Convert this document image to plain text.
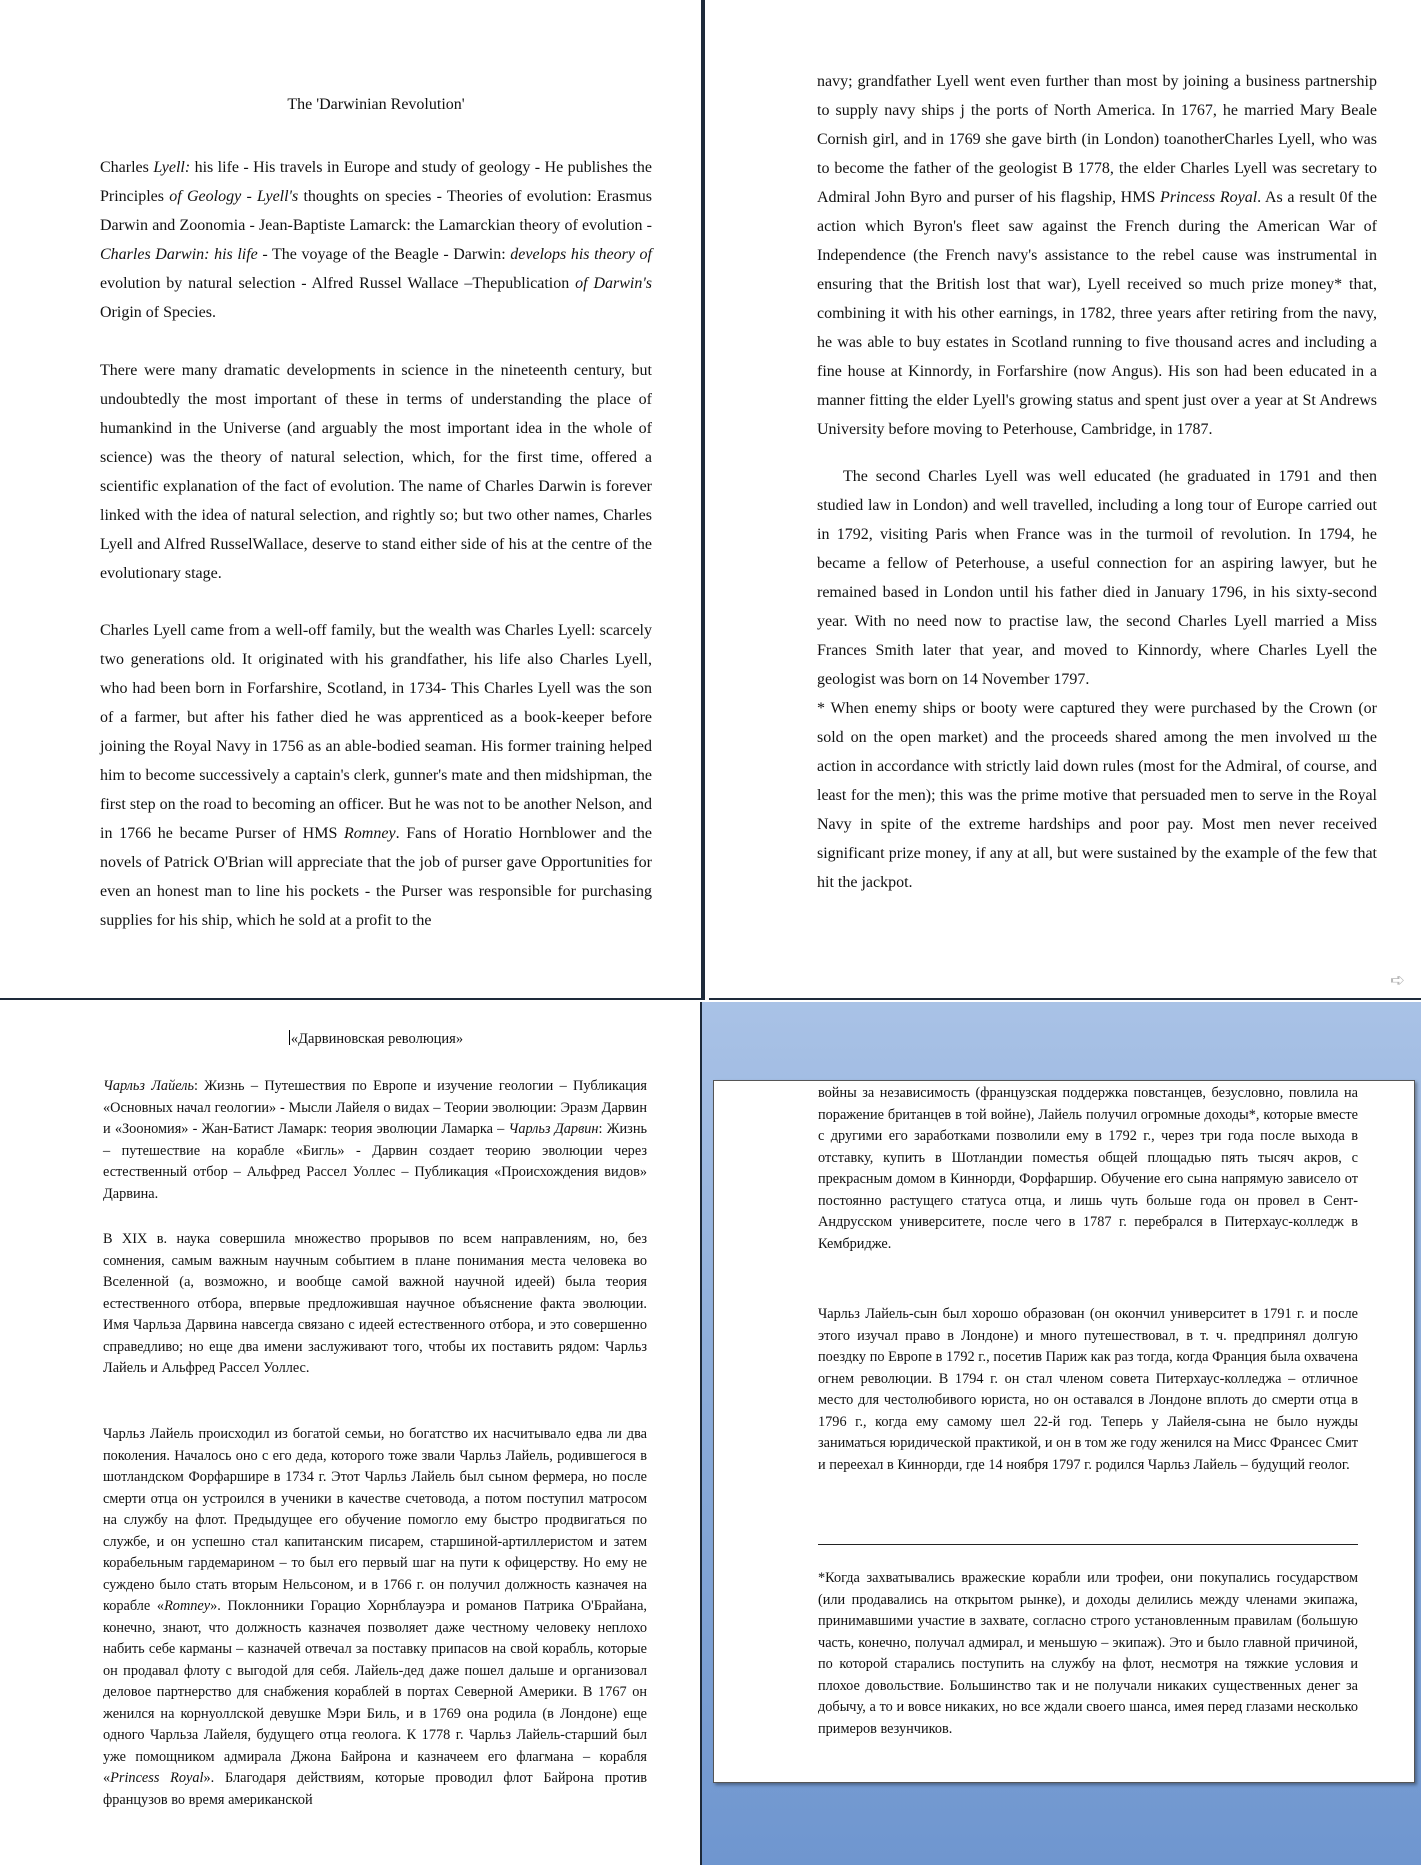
The 'Darwinian Revolution'
Charles Lyell: his life - His travels in Europe and study of geology - He publishes the Principles of Geology - Lyell's thoughts on species - Theories of evolution: Erasmus Darwin and Zoonomia - Jean-Baptiste Lamarck: the Lamarckian theory of evolution - Charles Darwin: his life - The voyage of the Beagle - Darwin: develops his theory of evolution by natural selection - Alfred Russel Wallace –Thepublication of Darwin's Origin of Species.
There were many dramatic developments in science in the nineteenth century, but undoubtedly the most important of these in terms of understanding the place of humankind in the Universe (and arguably the most important idea in the whole of science) was the theory of natural selection, which, for the first time, offered a scientific explanation of the fact of evolution. The name of Charles Darwin is forever linked with the idea of natural selection, and rightly so; but two other names, Charles Lyell and Alfred RusselWallace, deserve to stand either side of his at the centre of the evolutionary stage.
Charles Lyell came from a well-off family, but the wealth was Charles Lyell: scarcely two generations old. It originated with his grandfather, his life also Charles Lyell, who had been born in Forfarshire, Scotland, in 1734- This Charles Lyell was the son of a farmer, but after his father died he was apprenticed as a book-keeper before joining the Royal Navy in 1756 as an able-bodied seaman. His former training helped him to become successively a captain's clerk, gunner's mate and then midshipman, the first step on the road to becoming an officer. But he was not to be another Nelson, and in 1766 he became Purser of HMS Romney. Fans of Horatio Hornblower and the novels of Patrick O'Brian will appreciate that the job of purser gave Opportunities for even an honest man to line his pockets - the Purser was responsible for purchasing supplies for his ship, which he sold at a profit to the
navy; grandfather Lyell went even further than most by joining a business partnership to supply navy ships j the ports of North America. In 1767, he married Mary Beale Cornish girl, and in 1769 she gave birth (in London) toanotherCharles Lyell, who was to become the father of the geologist B 1778, the elder Charles Lyell was secretary to Admiral John Byro and purser of his flagship, HMS Princess Royal. As a result 0f the action which Byron's fleet saw against the French during the American War of Independence (the French navy's assistance to the rebel cause was instrumental in ensuring that the British lost that war), Lyell received so much prize money* that, combining it with his other earnings, in 1782, three years after retiring from the navy, he was able to buy estates in Scotland running to five thousand acres and including a fine house at Kinnordy, in Forfarshire (now Angus). His son had been educated in a manner fitting the elder Lyell's growing status and spent just over a year at St Andrews University before moving to Peterhouse, Cambridge, in 1787.
The second Charles Lyell was well educated (he graduated in 1791 and then studied law in London) and well travelled, including a long tour of Europe carried out in 1792, visiting Paris when France was in the turmoil of revolution. In 1794, he became a fellow of Peterhouse, a useful connection for an aspiring lawyer, but he remained based in London until his father died in January 1796, in his sixty-second year. With no need now to practise law, the second Charles Lyell married a Miss Frances Smith later that year, and moved to Kinnordy, where Charles Lyell the geologist was born on 14 November 1797.
* When enemy ships or booty were captured they were purchased by the Crown (or sold on the open market) and the proceeds shared among the men involved ш the action in accordance with strictly laid down rules (most for the Admiral, of course, and least for the men); this was the prime motive that persuaded men to serve in the Royal Navy in spite of the extreme hardships and poor pay. Most men never received significant prize money, if any at all, but were sustained by the example of the few that hit the jackpot.
➪
«Дарвиновская революция»
Чарльз Лайель: Жизнь – Путешествия по Европе и изучение геологии – Публикация «Основных начал геологии» - Мысли Лайеля о видах – Теории эволюции: Эразм Дарвин и «Зоономия» - Жан-Батист Ламарк: теория эволюции Ламарка – Чарльз Дарвин: Жизнь – путешествие на корабле «Бигль» - Дарвин создает теорию эволюции через естественный отбор – Альфред Рассел Уоллес – Публикация «Происхождения видов» Дарвина.
В XIX в. наука совершила множество прорывов по всем направлениям, но, без сомнения, самым важным научным событием в плане понимания места человека во Вселенной (а, возможно, и вообще самой важной научной идеей) была теория естественного отбора, впервые предложившая научное объяснение факта эволюции. Имя Чарльза Дарвина навсегда связано с идеей естественного отбора, и это совершенно справедливо; но еще два имени заслуживают того, чтобы их поставить рядом: Чарльз Лайель и Альфред Рассел Уоллес.
Чарльз Лайель происходил из богатой семьи, но богатство их насчитывало едва ли два поколения. Началось оно с его деда, которого тоже звали Чарльз Лайель, родившегося в шотландском Форфаршире в 1734 г. Этот Чарльз Лайель был сыном фермера, но после смерти отца он устроился в ученики в качестве счетовода, а потом поступил матросом на службу на флот. Предыдущее его обучение помогло ему быстро продвигаться по службе, и он успешно стал капитанским писарем, старшиной-артиллеристом и затем корабельным гардемарином – то был его первый шаг на пути к офицерству. Но ему не суждено было стать вторым Нельсоном, и в 1766 г. он получил должность казначея на корабле «Romney». Поклонники Горацио Хорнблауэра и романов Патрика О'Брайана, конечно, знают, что должность казначея позволяет даже честному человеку неплохо набить себе карманы – казначей отвечал за поставку припасов на свой корабль, которые он продавал флоту с выгодой для себя. Лайель-дед даже пошел дальше и организовал деловое партнерство для снабжения кораблей в портах Северной Америки. В 1767 он женился на корнуоллской девушке Мэри Биль, и в 1769 она родила (в Лондоне) еще одного Чарльза Лайеля, будущего отца геолога. К 1778 г. Чарльз Лайель-старший был уже помощником адмирала Джона Байрона и казначеем его флагмана – корабля «Princess Royal». Благодаря действиям, которые проводил флот Байрона против французов во время американской
войны за независимость (французская поддержка повстанцев, безусловно, повлила на поражение британцев в той войне), Лайель получил огромные доходы*, которые вместе с другими его заработками позволили ему в 1792 г., через три года после выхода в отставку, купить в Шотландии поместья общей площадью пять тысяч акров, с прекрасным домом в Киннорди, Форфаршир. Обучение его сына напрямую зависело от постоянно растущего статуса отца, и лишь чуть больше года он провел в Сент-Андрусском университете, после чего в 1787 г. перебрался в Питерхаус-колледж в Кембридже.
Чарльз Лайель-сын был хорошо образован (он окончил университет в 1791 г. и после этого изучал право в Лондоне) и много путешествовал, в т. ч. предпринял долгую поездку по Европе в 1792 г., посетив Париж как раз тогда, когда Франция была охвачена огнем революции. В 1794 г. он стал членом совета Питерхаус-колледжа – отличное место для честолюбивого юриста, но он оставался в Лондоне вплоть до смерти отца в 1796 г., когда ему самому шел 22-й год. Теперь у Лайеля-сына не было нужды заниматься юридической практикой, и он в том же году женился на Мисс Франсес Смит и переехал в Киннорди, где 14 ноября 1797 г. родился Чарльз Лайель – будущий геолог.
*Когда захватывались вражеские корабли или трофеи, они покупались государством (или продавались на открытом рынке), и доходы делились между членами экипажа, принимавшими участие в захвате, согласно строго установленным правилам (большую часть, конечно, получал адмирал, и меньшую – экипаж). Это и было главной причиной, по которой старались поступить на службу на флот, несмотря на тяжкие условия и плохое довольствие. Большинство так и не получали никаких существенных денег за добычу, а то и вовсе никаких, но все ждали своего шанса, имея перед глазами несколько примеров везунчиков.
